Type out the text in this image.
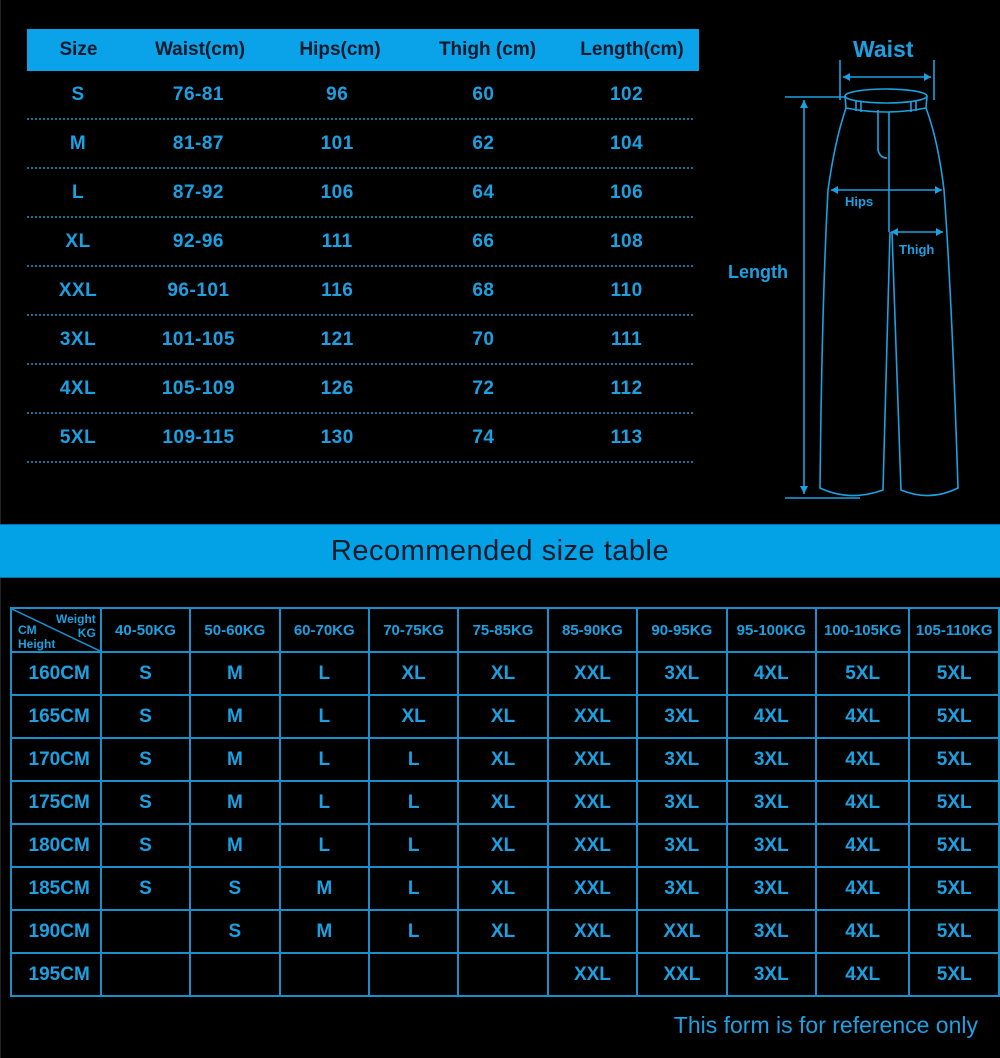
Size	Waist(cm)	Hips(cm)	Thigh (cm)	Length(cm)
S	76-81	96	60	102
M	81-87	101	62	104
L	87-92	106	64	106
XL	92-96	111	66	108
XXL	96-101	116	68	110
3XL	101-105	121	70	111
4XL	105-109	126	72	112
5XL	109-115	130	74	113
Waist
Hips
Thigh
Length
Recommended size table
Weight
KG
CM
Height	40-50KG	50-60KG	60-70KG	70-75KG	75-85KG	85-90KG	90-95KG	95-100KG	100-105KG	105-110KG
160CM	S	M	L	XL	XL	XXL	3XL	4XL	5XL	5XL
165CM	S	M	L	XL	XL	XXL	3XL	4XL	4XL	5XL
170CM	S	M	L	L	XL	XXL	3XL	3XL	4XL	5XL
175CM	S	M	L	L	XL	XXL	3XL	3XL	4XL	5XL
180CM	S	M	L	L	XL	XXL	3XL	3XL	4XL	5XL
185CM	S	S	M	L	XL	XXL	3XL	3XL	4XL	5XL
190CM		S	M	L	XL	XXL	XXL	3XL	4XL	5XL
195CM						XXL	XXL	3XL	4XL	5XL
This form is for reference only
